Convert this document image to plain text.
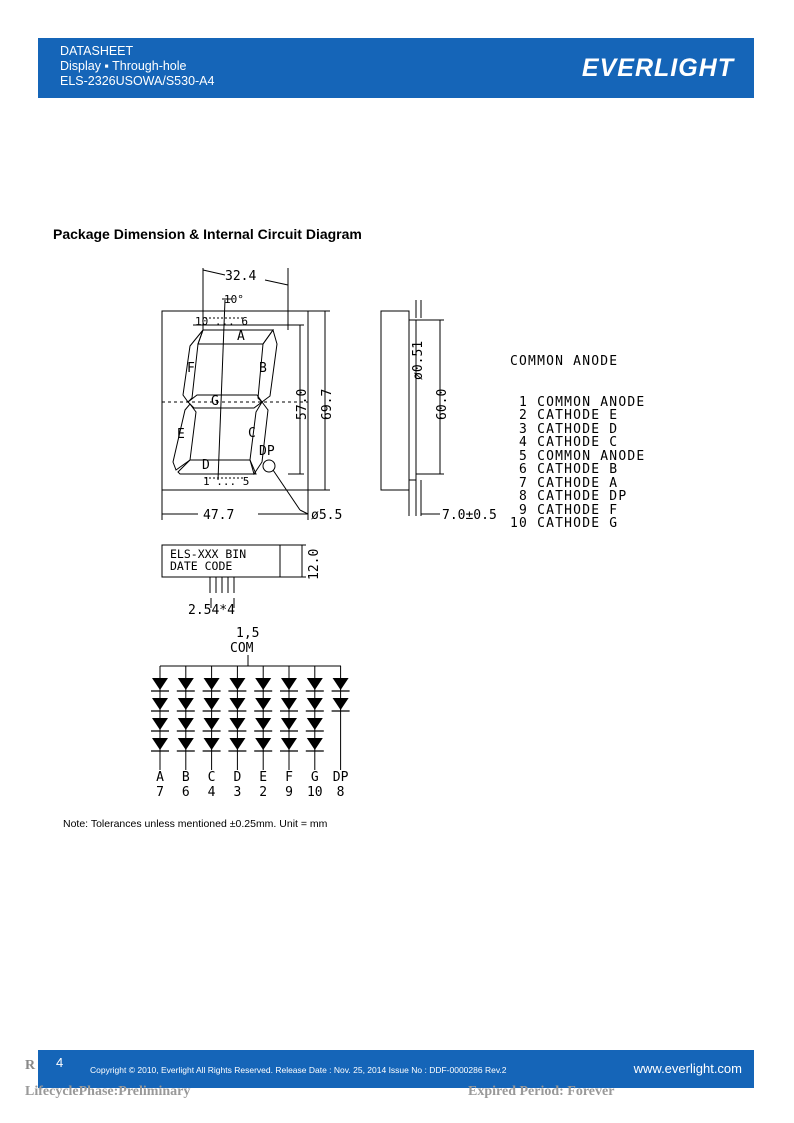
DATASHEET
Display ▪ Through-hole
ELS-2326USOWA/S530-A4	EVERLIGHT
Package Dimension & Internal Circuit Diagram
32.4
10°
10 ... 6
A
B
F
G
E	C
D
DP
1 ... 5
47.7	ø5.5	7.0±0.5
57.0 69.7
ø0.51
60.0
ELS-XXX BIN
DATE CODE	12.0
2.54*4
1,5
COM
A
7
B
6
C
4
D
3
E
2
F
9
G
10
DP
8

COMMON ANODE

1 COMMON ANODE
2 CATHODE E
3 CATHODE D
4 CATHODE C
5 COMMON ANODE
6 CATHODE B
7 CATHODE A
8 CATHODE DP
9 CATHODE F
10 CATHODE G

Note: Tolerances unless mentioned ±0.25mm. Unit = mm
R 4	Copyright © 2010, Everlight All Rights Reserved. Release Date : Nov. 25, 2014 Issue No : DDF-0000286 Rev.2	www.everlight.com
LifecyclePhase:Preliminary	Expired Period: Forever
